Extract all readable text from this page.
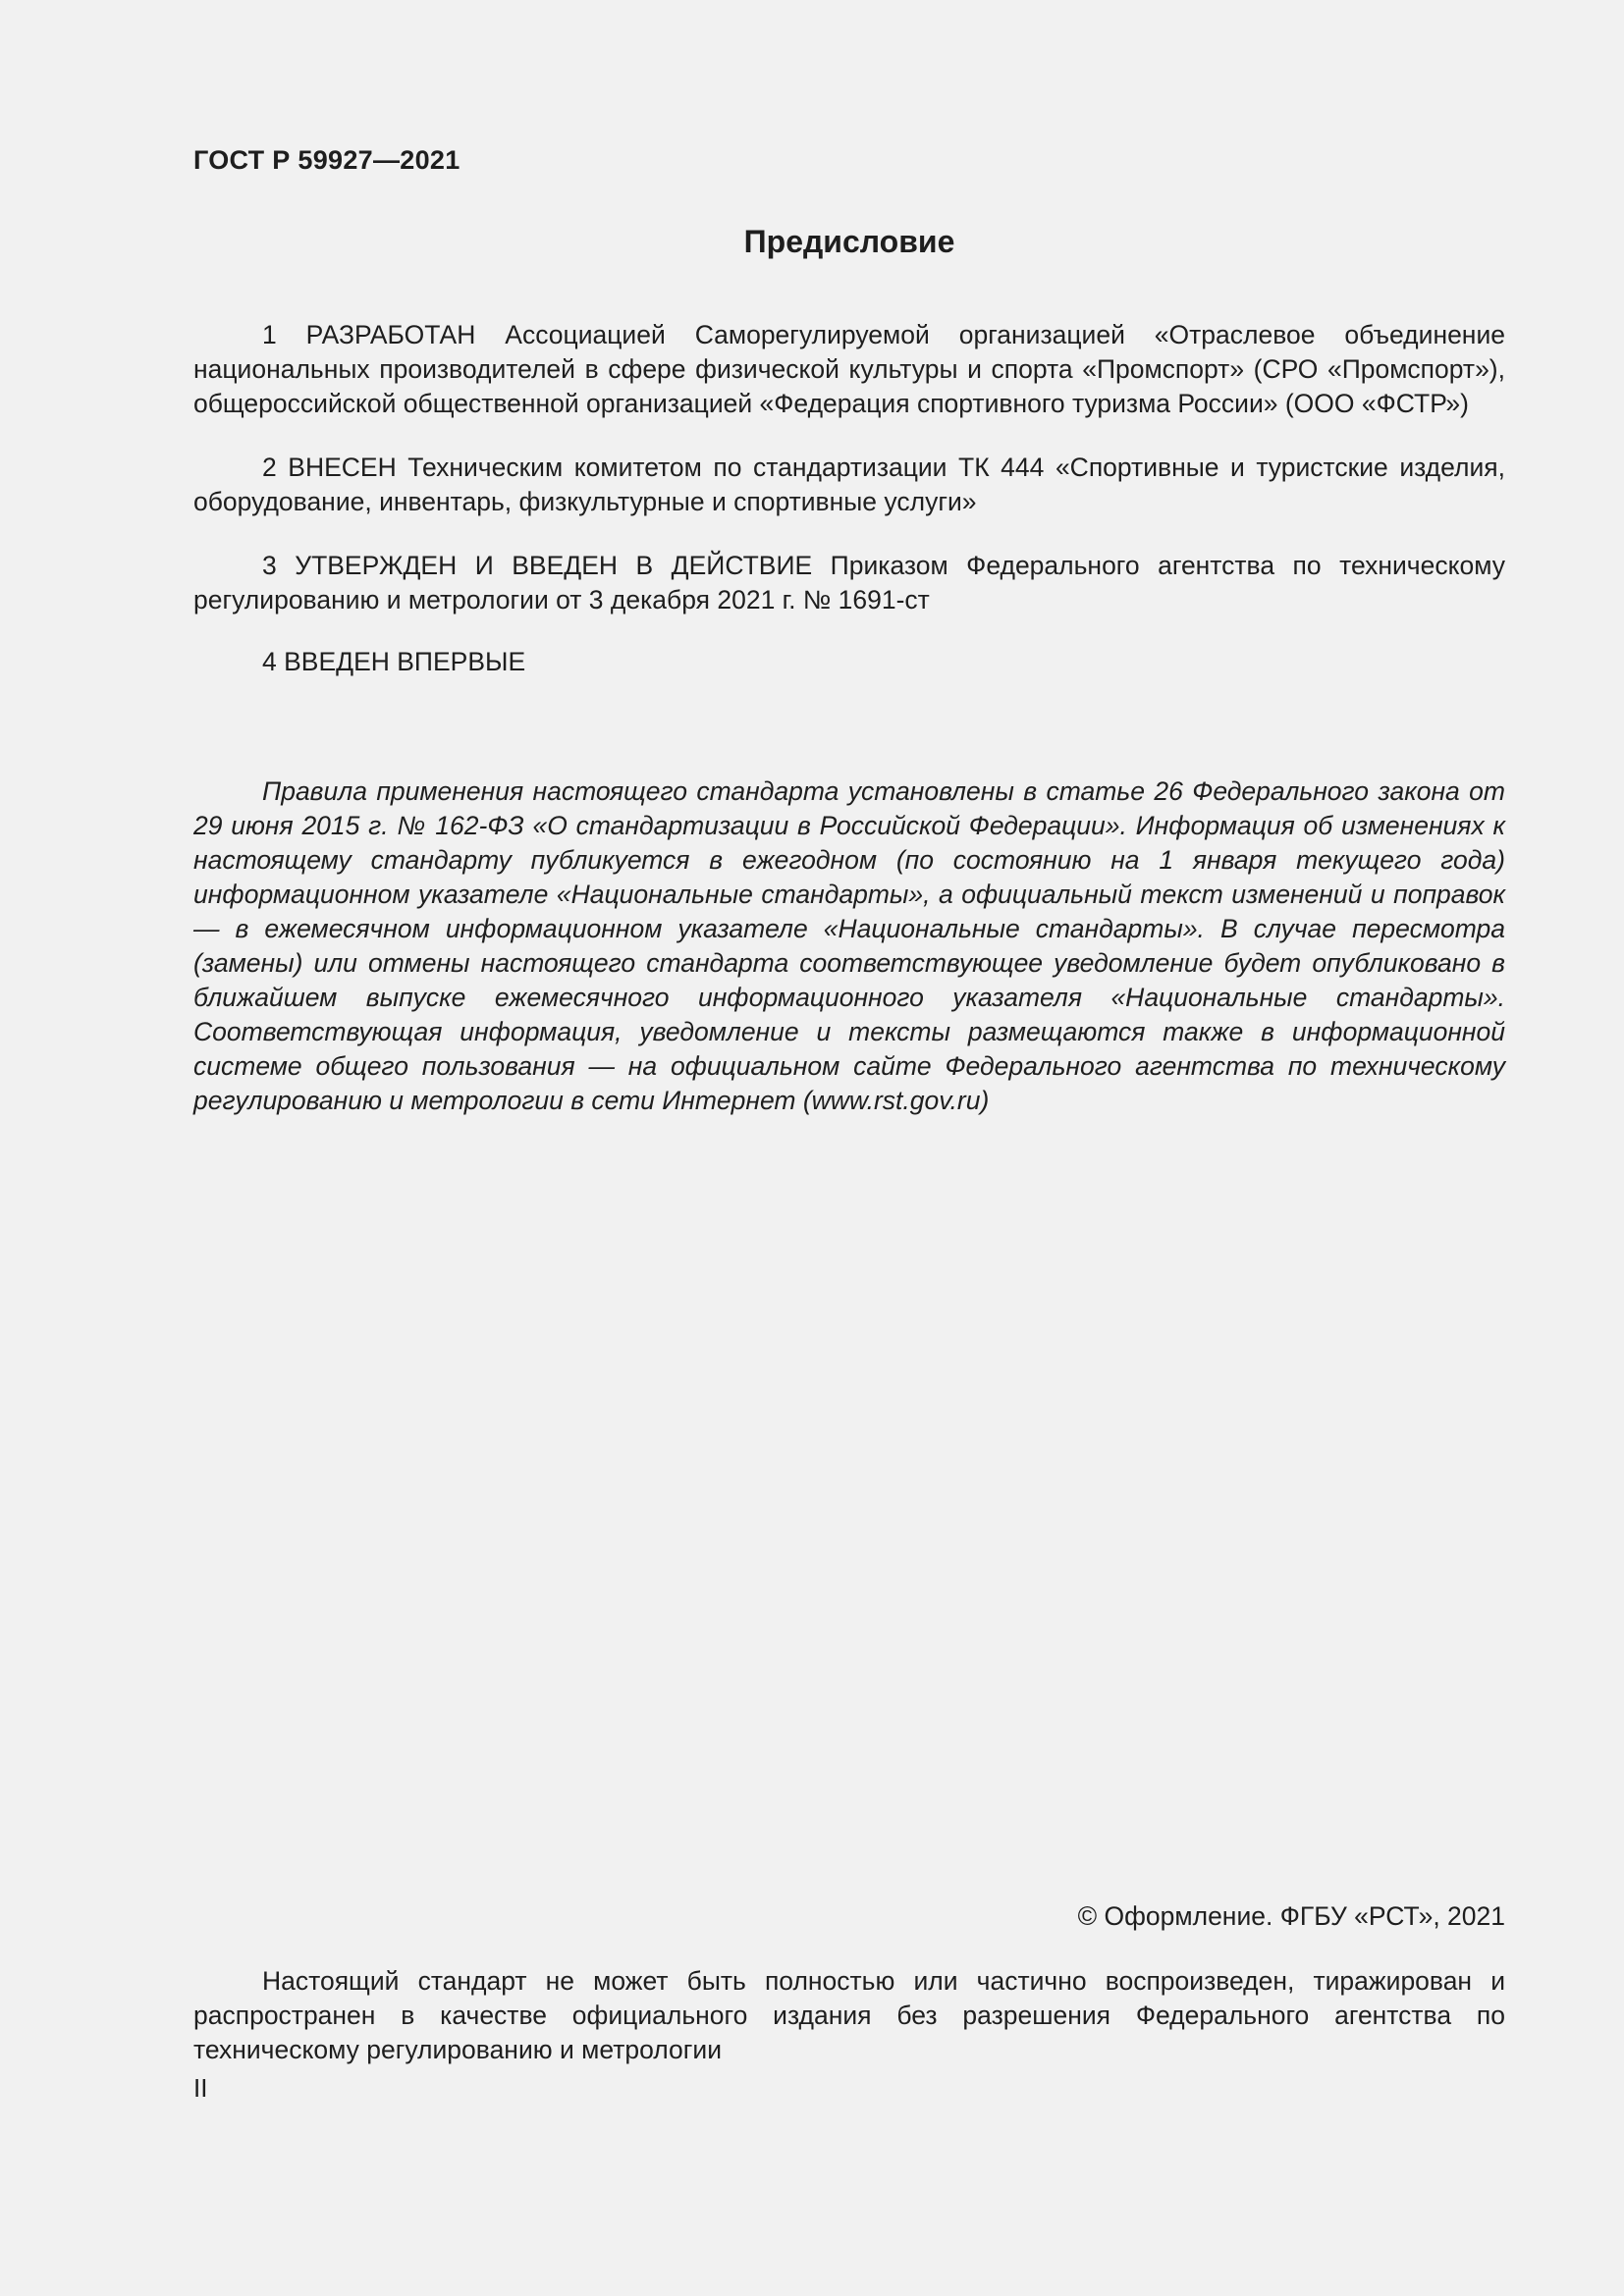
ГОСТ Р 59927—2021
Предисловие

1 РАЗРАБОТАН Ассоциацией Саморегулируемой организацией «Отраслевое объединение национальных производителей в сфере физической культуры и спорта «Промспорт» (СРО «Промспорт»), общероссийской общественной организацией «Федерация спортивного туризма России» (ООО «ФСТР»)

2 ВНЕСЕН Техническим комитетом по стандартизации ТК 444 «Спортивные и туристские изделия, оборудование, инвентарь, физкультурные и спортивные услуги»

3 УТВЕРЖДЕН И ВВЕДЕН В ДЕЙСТВИЕ Приказом Федерального агентства по техническому регулированию и метрологии от 3 декабря 2021 г. № 1691-ст

4 ВВЕДЕН ВПЕРВЫЕ

Правила применения настоящего стандарта установлены в статье 26 Федерального закона от 29 июня 2015 г. № 162-ФЗ «О стандартизации в Российской Федерации». Информация об изменениях к настоящему стандарту публикуется в ежегодном (по состоянию на 1 января текущего года) информационном указателе «Национальные стандарты», а официальный текст изменений и поправок — в ежемесячном информационном указателе «Национальные стандарты». В случае пересмотра (замены) или отмены настоящего стандарта соответствующее уведомление будет опубликовано в ближайшем выпуске ежемесячного информационного указателя «Национальные стандарты». Соответствующая информация, уведомление и тексты размещаются также в информационной системе общего пользования — на официальном сайте Федерального агентства по техническому регулированию и метрологии в сети Интернет (www.rst.gov.ru)

© Оформление. ФГБУ «РСТ», 2021

Настоящий стандарт не может быть полностью или частично воспроизведен, тиражирован и распространен в качестве официального издания без разрешения Федерального агентства по техническому регулированию и метрологии

II
